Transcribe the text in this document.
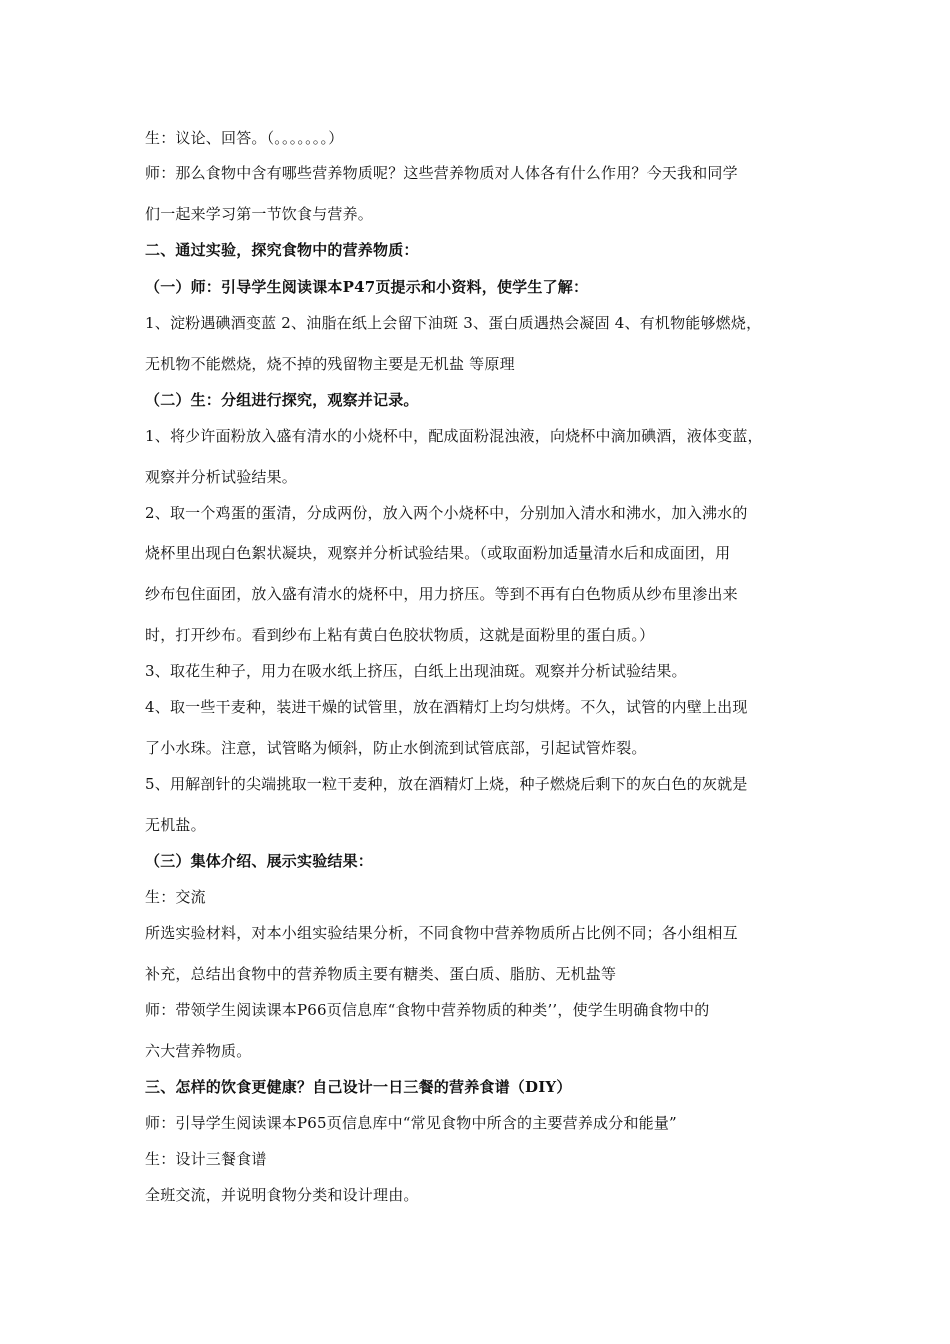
生：议论、回答。（。。。。。。。）
师：那么食物中含有哪些营养物质呢？这些营养物质对人体各有什么作用？今天我和同学
们一起来学习第一节饮食与营养。
二、通过实验，探究食物中的营养物质：
（一）师：引导学生阅读课本P47页提示和小资料，使学生了解：
1、淀粉遇碘酒变蓝 2、油脂在纸上会留下油斑 3、蛋白质遇热会凝固 4、有机物能够燃烧，
无机物不能燃烧，烧不掉的残留物主要是无机盐 等原理
（二）生：分组进行探究，观察并记录。
1、将少许面粉放入盛有清水的小烧杯中，配成面粉混浊液，向烧杯中滴加碘酒，液体变蓝，
观察并分析试验结果。
2、取一个鸡蛋的蛋清，分成两份，放入两个小烧杯中，分别加入清水和沸水，加入沸水的
烧杯里出现白色絮状凝块，观察并分析试验结果。（或取面粉加适量清水后和成面团，用
纱布包住面团，放入盛有清水的烧杯中，用力挤压。等到不再有白色物质从纱布里渗出来
时，打开纱布。看到纱布上粘有黄白色胶状物质，这就是面粉里的蛋白质。）
3、取花生种子，用力在吸水纸上挤压，白纸上出现油斑。观察并分析试验结果。
4、取一些干麦种，装进干燥的试管里，放在酒精灯上均匀烘烤。不久，试管的内壁上出现
了小水珠。注意，试管略为倾斜，防止水倒流到试管底部，引起试管炸裂。
5、用解剖针的尖端挑取一粒干麦种，放在酒精灯上烧，种子燃烧后剩下的灰白色的灰就是
无机盐。
（三）集体介绍、展示实验结果：
生：交流
所选实验材料，对本小组实验结果分析，不同食物中营养物质所占比例不同；各小组相互
补充，总结出食物中的营养物质主要有糖类、蛋白质、脂肪、无机盐等
师：带领学生阅读课本P66页信息库“食物中营养物质的种类’’，使学生明确食物中的
六大营养物质。
三、怎样的饮食更健康？自己设计一日三餐的营养食谱（DIY）
师：引导学生阅读课本P65页信息库中“常见食物中所含的主要营养成分和能量”
生：设计三餐食谱
全班交流，并说明食物分类和设计理由。
